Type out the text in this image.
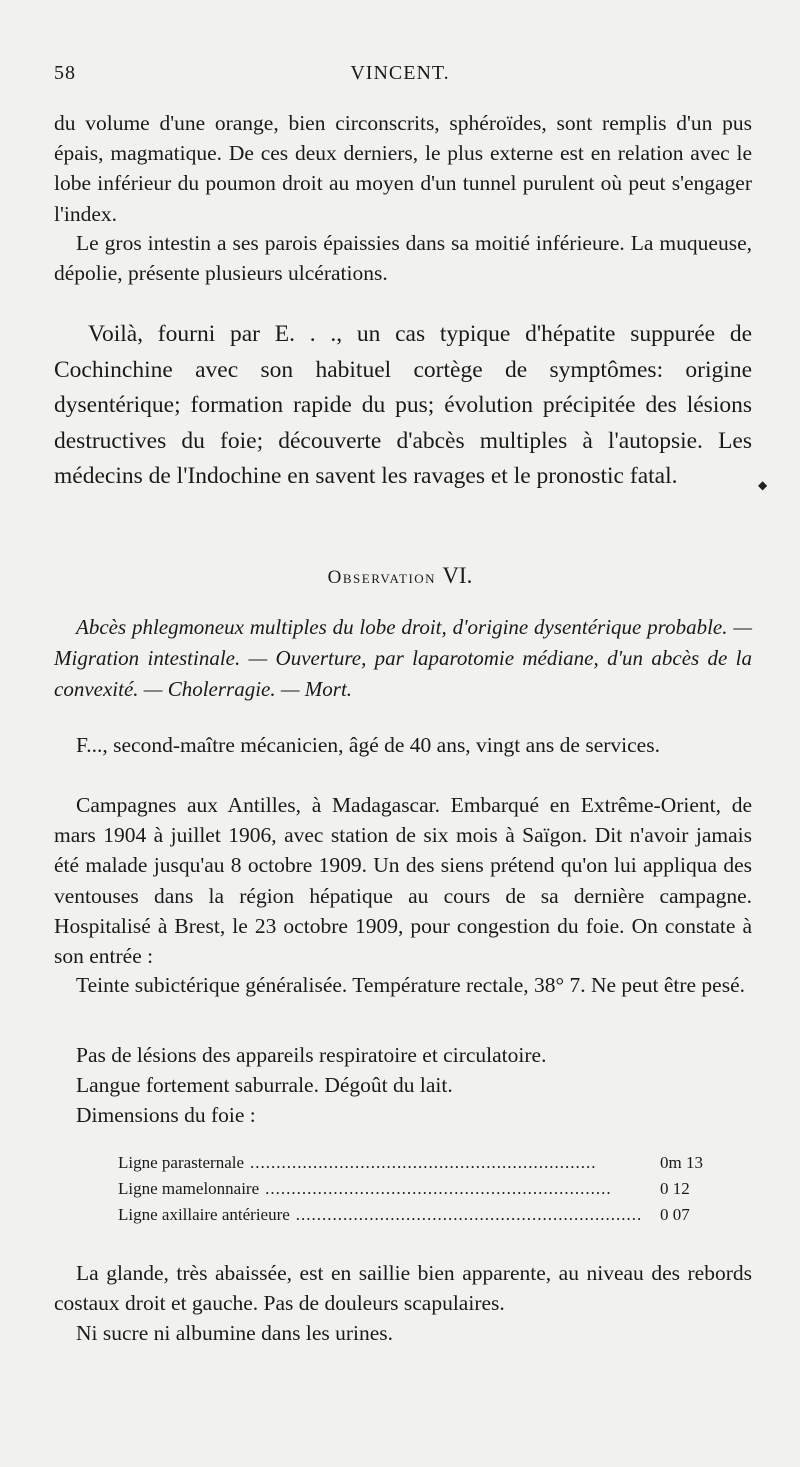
58	VINCENT.

du volume d'une orange, bien circonscrits, sphéroïdes, sont remplis d'un pus épais, magmatique. De ces deux derniers, le plus externe est en relation avec le lobe inférieur du poumon droit au moyen d'un tunnel purulent où peut s'engager l'index.

Le gros intestin a ses parois épaissies dans sa moitié inférieure. La muqueuse, dépolie, présente plusieurs ulcérations.

Voilà, fourni par E. . ., un cas typique d'hépatite suppurée de Cochinchine avec son habituel cortège de symptômes: origine dysentérique; formation rapide du pus; évolution précipitée des lésions destructives du foie; découverte d'abcès multiples à l'autopsie. Les médecins de l'Indochine en savent les ravages et le pronostic fatal.

Observation VI.

Abcès phlegmoneux multiples du lobe droit, d'origine dysentérique probable. — Migration intestinale. — Ouverture, par laparotomie médiane, d'un abcès de la convexité. — Cholerragie. — Mort.

F..., second-maître mécanicien, âgé de 40 ans, vingt ans de services.

Campagnes aux Antilles, à Madagascar. Embarqué en Extrême-Orient, de mars 1904 à juillet 1906, avec station de six mois à Saïgon. Dit n'avoir jamais été malade jusqu'au 8 octobre 1909. Un des siens prétend qu'on lui appliqua des ventouses dans la région hépatique au cours de sa dernière campagne. Hospitalisé à Brest, le 23 octobre 1909, pour congestion du foie. On constate à son entrée :

Teinte subictérique généralisée. Température rectale, 38° 7. Ne peut être pesé.

Pas de lésions des appareils respiratoire et circulatoire.

Langue fortement saburrale. Dégoût du lait.

Dimensions du foie :

Ligne parasternale ..................................................................	0m 13
Ligne mamelonnaire ..................................................................	0 12
Ligne axillaire antérieure ..................................................................	0 07

La glande, très abaissée, est en saillie bien apparente, au niveau des rebords costaux droit et gauche. Pas de douleurs scapulaires.

Ni sucre ni albumine dans les urines.

◆
